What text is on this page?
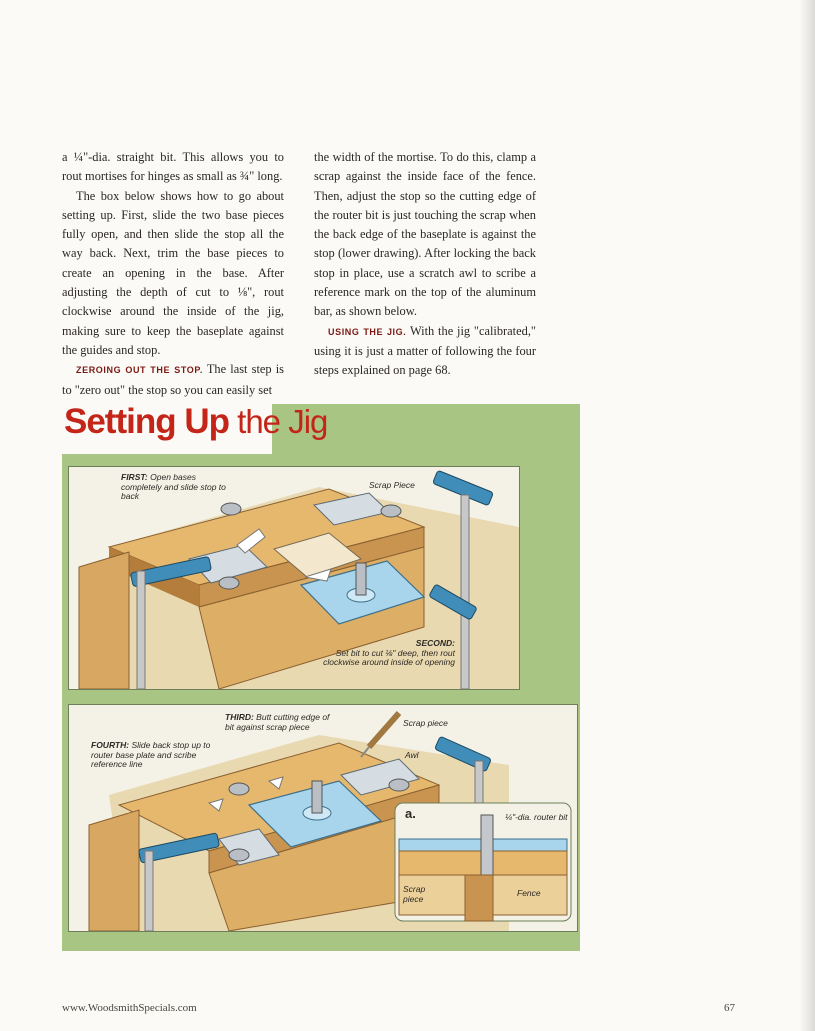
a ¼"-dia. straight bit. This allows you to rout mortises for hinges as small as ¾" long.

The box below shows how to go about setting up. First, slide the two base pieces fully open, and then slide the stop all the way back. Next, trim the base pieces to create an opening in the base. After adjusting the depth of cut to ⅛", rout clockwise around the inside of the jig, making sure to keep the baseplate against the guides and stop.

ZEROING OUT THE STOP. The last step is to "zero out" the stop so you can easily set

the width of the mortise. To do this, clamp a scrap against the inside face of the fence. Then, adjust the stop so the cutting edge of the router bit is just touching the scrap when the back edge of the baseplate is against the stop (lower drawing). After locking the back stop in place, use a scratch awl to scribe a reference mark on the top of the aluminum bar, as shown below.

USING THE JIG. With the jig "calibrated," using it is just a matter of following the four steps explained on page 68.

Setting Up the Jig
FIRST: Open bases completely and slide stop to back
Scrap Piece
SECOND:
Set bit to cut ⅛" deep, then rout clockwise around inside of opening
THIRD: Butt cutting edge of bit against scrap piece
FOURTH: Slide back stop up to router base plate and scribe reference line
Scrap piece
Awl
a.	¼"-dia. router bit
Scrap piece
Fence
www.WoodsmithSpecials.com	67
